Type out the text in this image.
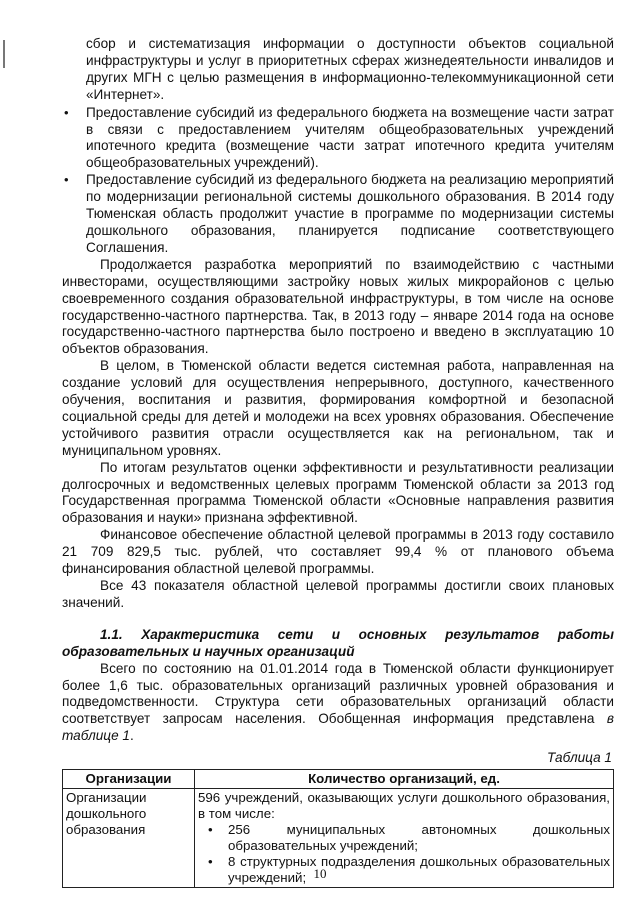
сбор и систематизация информации о доступности объектов социальной инфраструктуры и услуг в приоритетных сферах жизнедеятельности инвалидов и других МГН с целью размещения в информационно-телекоммуникационной сети «Интернет».

• Предоставление субсидий из федерального бюджета на возмещение части затрат в связи с предоставлением учителям общеобразовательных учреждений ипотечного кредита (возмещение части затрат ипотечного кредита учителям общеобразовательных учреждений).

• Предоставление субсидий из федерального бюджета на реализацию мероприятий по модернизации региональной системы дошкольного образования. В 2014 году Тюменская область продолжит участие в программе по модернизации системы дошкольного образования, планируется подписание соответствующего Соглашения.

Продолжается разработка мероприятий по взаимодействию с частными инвесторами, осуществляющими застройку новых жилых микрорайонов с целью своевременного создания образовательной инфраструктуры, в том числе на основе государственно-частного партнерства. Так, в 2013 году – январе 2014 года на основе государственно-частного партнерства было построено и введено в эксплуатацию 10 объектов образования.

В целом, в Тюменской области ведется системная работа, направленная на создание условий для осуществления непрерывного, доступного, качественного обучения, воспитания и развития, формирования комфортной и безопасной социальной среды для детей и молодежи на всех уровнях образования. Обеспечение устойчивого развития отрасли осуществляется как на региональном, так и муниципальном уровнях.

По итогам результатов оценки эффективности и результативности реализации долгосрочных и ведомственных целевых программ Тюменской области за 2013 год Государственная программа Тюменской области «Основные направления развития образования и науки» признана эффективной.

Финансовое обеспечение областной целевой программы в 2013 году составило 21 709 829,5 тыс. рублей, что составляет 99,4 % от планового объема финансирования областной целевой программы.

Все 43 показателя областной целевой программы достигли своих плановых значений.

1.1. Характеристика сети и основных результатов работы образовательных и научных организаций

Всего по состоянию на 01.01.2014 года в Тюменской области функционирует более 1,6 тыс. образовательных организаций различных уровней образования и подведомственности. Структура сети образовательных организаций области соответствует запросам населения. Обобщенная информация представлена в таблице 1.

Таблица 1

Организации	Количество организаций, ед.
Организации дошкольного образования	596 учреждений, оказывающих услуги дошкольного образования, в том числе:
• 256 муниципальных автономных дошкольных образовательных учреждений;
• 8 структурных подразделения дошкольных образовательных учреждений; 10
